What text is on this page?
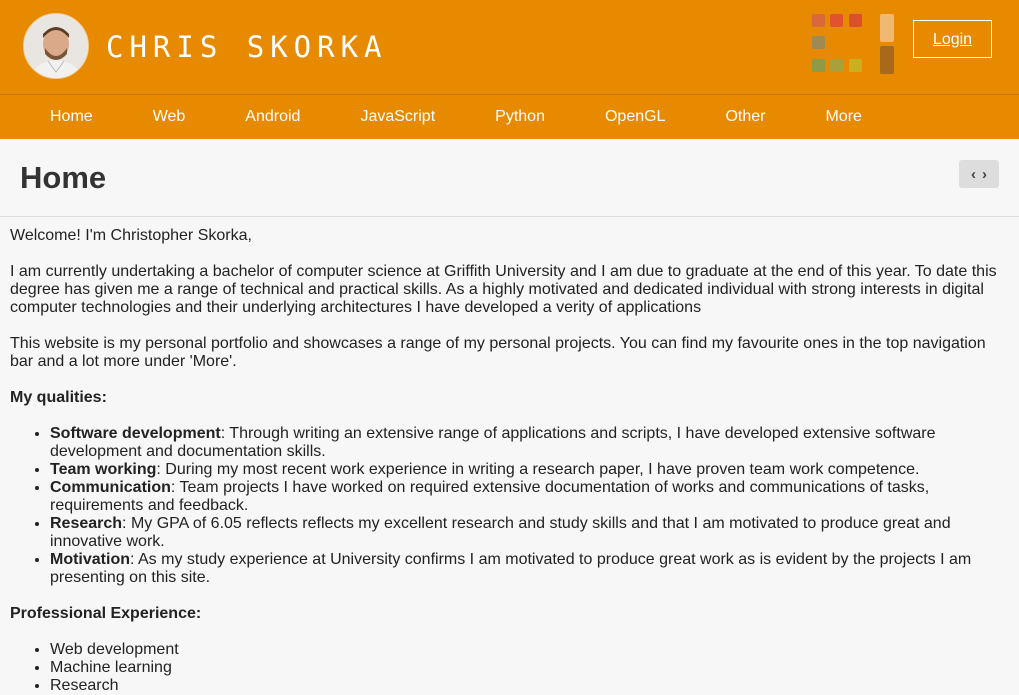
CHRIS SKORKA	Login
Home	Web	Android	JavaScript	Python	OpenGL	Other	More
Home	‹ ›

Welcome! I'm Christopher Skorka,

I am currently undertaking a bachelor of computer science at Griffith University and I am due to graduate at the end of this year. To date this degree has given me a range of technical and practical skills. As a highly motivated and dedicated individual with strong interests in digital computer technologies and their underlying architectures I have developed a verity of applications

This website is my personal portfolio and showcases a range of my personal projects. You can find my favourite ones in the top navigation bar and a lot more under 'More'.

My qualities:

• Software development: Through writing an extensive range of applications and scripts, I have developed extensive software development and documentation skills.
• Team working: During my most recent work experience in writing a research paper, I have proven team work competence.
• Communication: Team projects I have worked on required extensive documentation of works and communications of tasks, requirements and feedback.
• Research: My GPA of 6.05 reflects reflects my excellent research and study skills and that I am motivated to produce great and innovative work.
• Motivation: As my study experience at University confirms I am motivated to produce great work as is evident by the projects I am presenting on this site.

Professional Experience:

• Web development
• Machine learning
• Research
